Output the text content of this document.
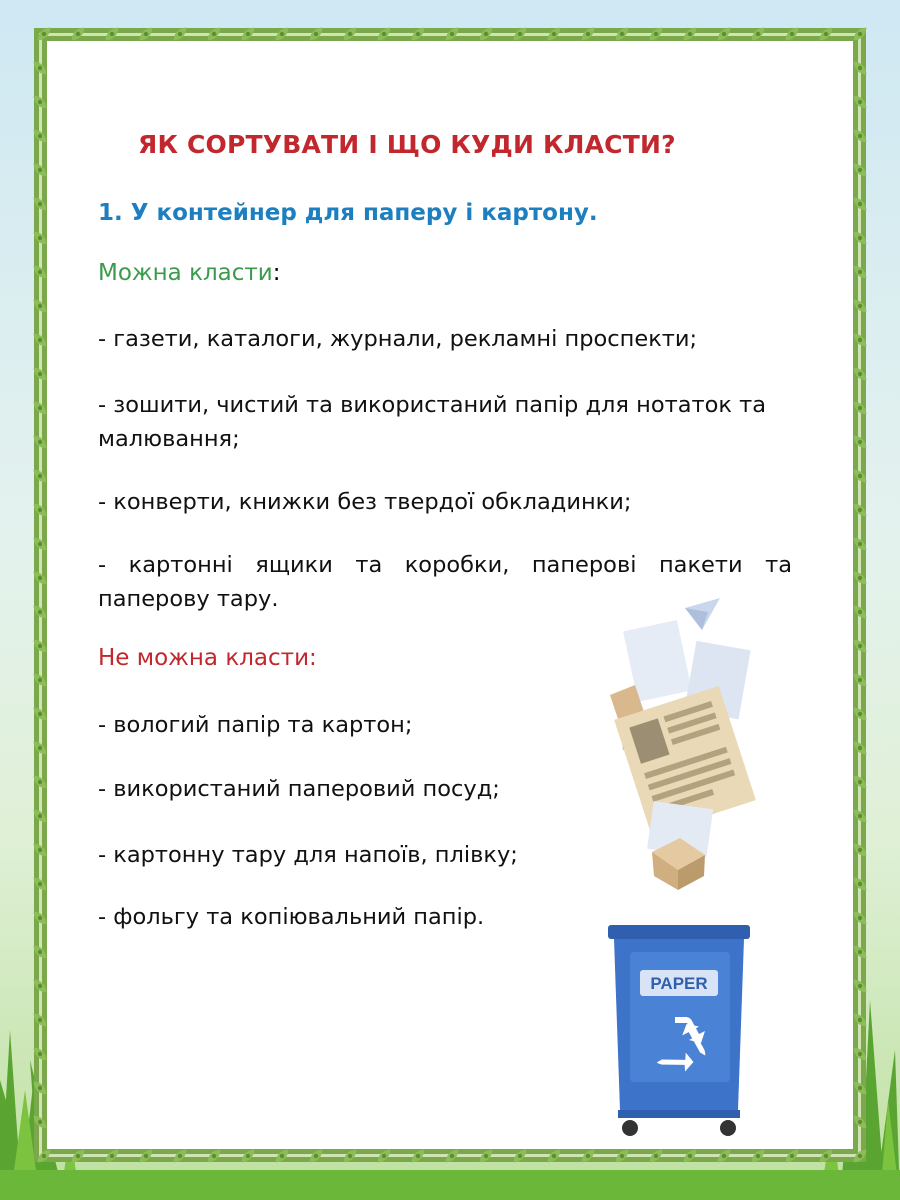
ЯК СОРТУВАТИ І ЩО КУДИ КЛАСТИ?
1. У контейнер для паперу і картону.

Можна класти:

- газети, каталоги, журнали, рекламні проспекти;

- зошити, чистий та використаний папір для нотаток та малювання;

- конверти, книжки без твердої обкладинки;

- картонні ящики та коробки, паперові пакети та паперову тару.

Не можна класти:

- вологий папір та картон;

- використаний паперовий посуд;

- картонну тару для напоїв, плівку;

- фольгу та копіювальний папір.

PAPER
